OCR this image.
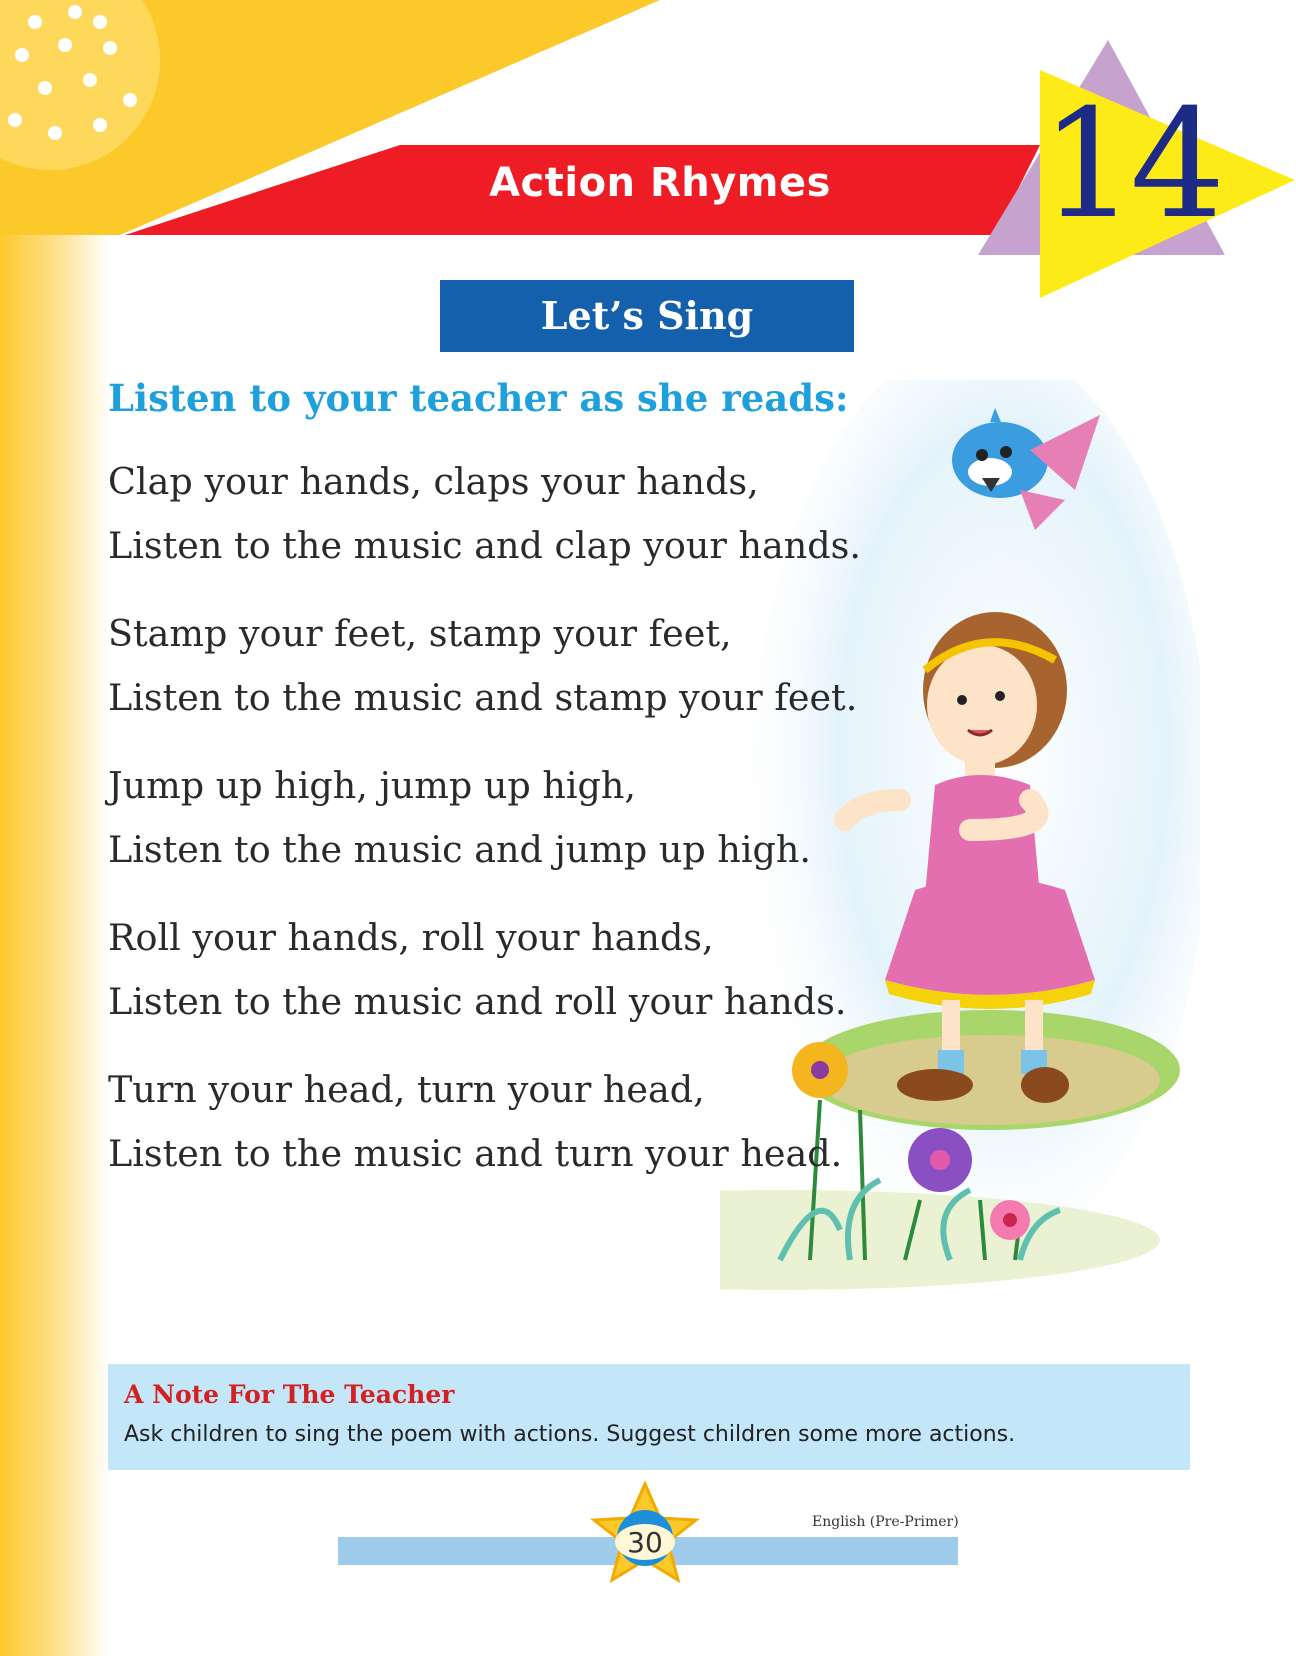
Action Rhymes	14
Let’s Sing
Listen to your teacher as she reads:
Clap your hands, claps your hands,
Listen to the music and clap your hands.
Stamp your feet, stamp your feet,
Listen to the music and stamp your feet.
Jump up high, jump up high,
Listen to the music and jump up high.
Roll your hands, roll your hands,
Listen to the music and roll your hands.
Turn your head, turn your head,
Listen to the music and turn your head.
A Note For The Teacher
Ask children to sing the poem with actions. Suggest children some more actions.
English (Pre-Primer)
30
